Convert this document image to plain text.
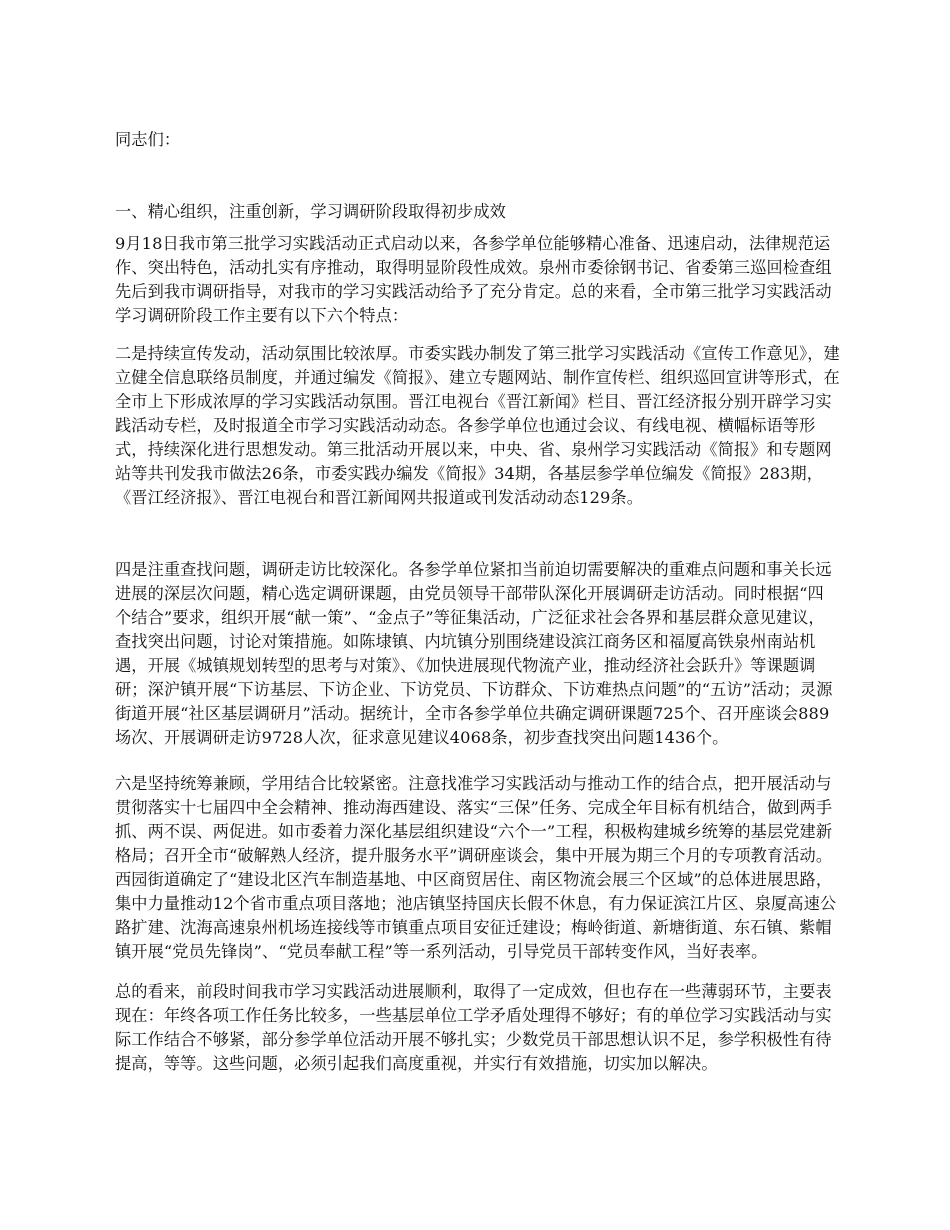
同志们：

一、精心组织，注重创新，学习调研阶段取得初步成效

9月18日我市第三批学习实践活动正式启动以来，各参学单位能够精心准备、迅速启动，法律规范运作、突出特色，活动扎实有序推动，取得明显阶段性成效。泉州市委徐钢书记、省委第三巡回检查组先后到我市调研指导，对我市的学习实践活动给予了充分肯定。总的来看，全市第三批学习实践活动学习调研阶段工作主要有以下六个特点：

二是持续宣传发动，活动氛围比较浓厚。市委实践办制发了第三批学习实践活动《宣传工作意见》，建立健全信息联络员制度，并通过编发《简报》、建立专题网站、制作宣传栏、组织巡回宣讲等形式，在全市上下形成浓厚的学习实践活动氛围。晋江电视台《晋江新闻》栏目、晋江经济报分别开辟学习实践活动专栏，及时报道全市学习实践活动动态。各参学单位也通过会议、有线电视、横幅标语等形式，持续深化进行思想发动。第三批活动开展以来，中央、省、泉州学习实践活动《简报》和专题网站等共刊发我市做法26条，市委实践办编发《简报》34期，各基层参学单位编发《简报》283期，《晋江经济报》、晋江电视台和晋江新闻网共报道或刊发活动动态129条。

四是注重查找问题，调研走访比较深化。各参学单位紧扣当前迫切需要解决的重难点问题和事关长远进展的深层次问题，精心选定调研课题，由党员领导干部带队深化开展调研走访活动。同时根据“四个结合”要求，组织开展“献一策”、“金点子”等征集活动，广泛征求社会各界和基层群众意见建议，查找突出问题，讨论对策措施。如陈埭镇、内坑镇分别围绕建设滨江商务区和福厦高铁泉州南站机遇，开展《城镇规划转型的思考与对策》、《加快进展现代物流产业，推动经济社会跃升》等课题调研；深沪镇开展“下访基层、下访企业、下访党员、下访群众、下访难热点问题”的“五访”活动；灵源街道开展“社区基层调研月”活动。据统计，全市各参学单位共确定调研课题725个、召开座谈会889场次、开展调研走访9728人次，征求意见建议4068条，初步查找突出问题1436个。

六是坚持统筹兼顾，学用结合比较紧密。注意找准学习实践活动与推动工作的结合点，把开展活动与贯彻落实十七届四中全会精神、推动海西建设、落实“三保”任务、完成全年目标有机结合，做到两手抓、两不误、两促进。如市委着力深化基层组织建设“六个一”工程，积极构建城乡统筹的基层党建新格局；召开全市“破解熟人经济，提升服务水平”调研座谈会，集中开展为期三个月的专项教育活动。西园街道确定了“建设北区汽车制造基地、中区商贸居住、南区物流会展三个区域”的总体进展思路，集中力量推动12个省市重点项目落地；池店镇坚持国庆长假不休息，有力保证滨江片区、泉厦高速公路扩建、沈海高速泉州机场连接线等市镇重点项目安征迁建设；梅岭街道、新塘街道、东石镇、紫帽镇开展“党员先锋岗”、“党员奉献工程”等一系列活动，引导党员干部转变作风，当好表率。

总的看来，前段时间我市学习实践活动进展顺利，取得了一定成效，但也存在一些薄弱环节，主要表现在：年终各项工作任务比较多，一些基层单位工学矛盾处理得不够好；有的单位学习实践活动与实际工作结合不够紧，部分参学单位活动开展不够扎实；少数党员干部思想认识不足，参学积极性有待提高，等等。这些问题，必须引起我们高度重视，并实行有效措施，切实加以解决。
